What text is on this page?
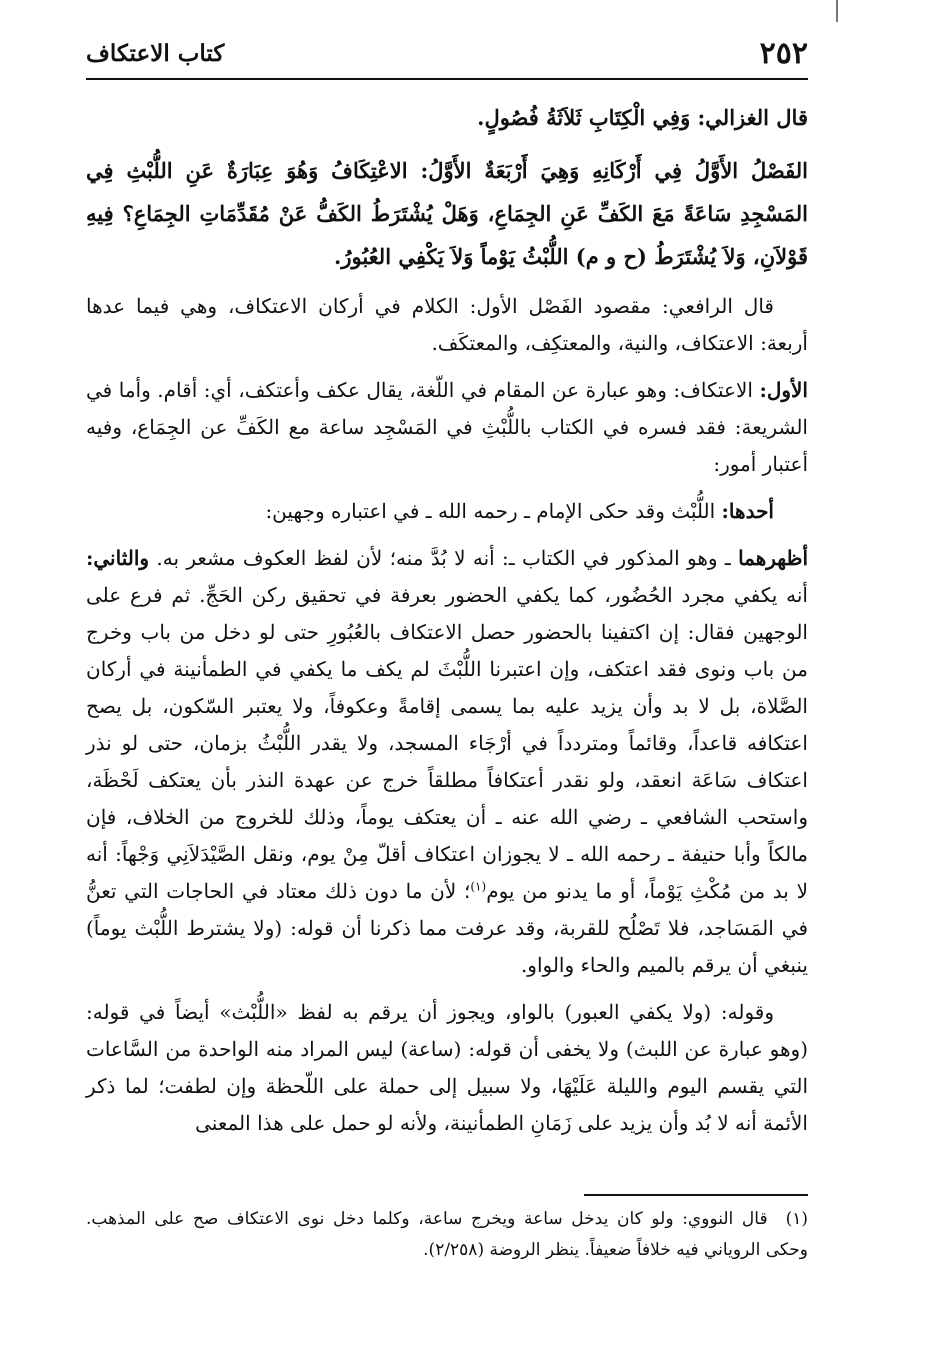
٢٥٢
كتاب الاعتكاف

قال الغزالي: وَفِي الْكِتَابِ ثَلاَثَةُ فُصُولٍ.

الفَصْلُ الأَوَّلُ فِي أَرْكَانِهِ وَهِيَ أَرْبَعَةٌ الأَوَّلُ: الاعْتِكَافُ وَهُوَ عِبَارَةٌ عَنِ اللُّبْثِ فِي المَسْجِدِ سَاعَةً مَعَ الكَفِّ عَنِ الجِمَاعِ، وَهَلْ يُشْتَرَطُ الكَفُّ عَنْ مُقَدِّمَاتِ الجِمَاعِ؟ فِيهِ قَوْلاَنِ، وَلاَ يُشْتَرَطُ (ح و م) اللُّبْثُ يَوْماً وَلاَ يَكْفِي العُبُورُ.

قال الرافعي: مقصود الفَصْل الأول: الكلام في أركان الاعتكاف، وهي فيما عدها أربعة: الاعتكاف، والنية، والمعتكِف، والمعتكَف.

الأول: الاعتكاف: وهو عبارة عن المقام في اللّغة، يقال عكف وأعتكف، أي: أقام. وأما في الشريعة: فقد فسره في الكتاب باللُّبْثِ في المَسْجِد ساعة مع الكَفِّ عن الجِمَاع، وفيه أعتبار أمور:

أحدها: اللُّبْث وقد حكى الإمام ـ رحمه الله ـ في اعتباره وجهين:

أظهرهما ـ وهو المذكور في الكتاب ـ: أنه لا بُدَّ منه؛ لأن لفظ العكوف مشعر به. والثاني: أنه يكفي مجرد الحُضُور، كما يكفي الحضور بعرفة في تحقيق ركن الحَجِّ. ثم فرع على الوجهين فقال: إن اكتفينا بالحضور حصل الاعتكاف بالعُبُورِ حتى لو دخل من باب وخرج من باب ونوى فقد اعتكف، وإن اعتبرنا اللُّبْثَ لم يكف ما يكفي في الطمأنينة في أركان الصَّلاة، بل لا بد وأن يزيد عليه بما يسمى إقامةً وعكوفاً، ولا يعتبر السّكون، بل يصح اعتكافه قاعداً، وقائماً ومتردداً في أرْجَاء المسجد، ولا يقدر اللُّبْثُ بزمان، حتى لو نذر اعتكاف سَاعَة انعقد، ولو نقدر أعتكافاً مطلقاً خرج عن عهدة النذر بأن يعتكف لَحْظَة، واستحب الشافعي ـ رضي الله عنه ـ أن يعتكف يوماً، وذلك للخروج من الخلاف، فإن مالكاً وأبا حنيفة ـ رحمه الله ـ لا يجوزان اعتكاف أقلّ مِنْ يوم، ونقل الصَّيْدَلاَنِي وَجْهاً: أنه لا بد من مُكْثِ يَوْماً، أو ما يدنو من يوم$^{(١)}$؛ لأن ما دون ذلك معتاد في الحاجات التي تعنُّ في المَسَاجد، فلا تَصْلُح للقربة، وقد عرفت مما ذكرنا أن قوله: (ولا يشترط اللُّبْث يوماً) ينبغي أن يرقم بالميم والحاء والواو.

وقوله: (ولا يكفي العبور) بالواو، ويجوز أن يرقم به لفظ «اللُّبْث» أيضاً في قوله: (وهو عبارة عن اللبث) ولا يخفى أن قوله: (ساعة) ليس المراد منه الواحدة من السَّاعات التي يقسم اليوم والليلة عَلَيْهَا، ولا سبيل إلى حملة على اللّحظة وإن لطفت؛ لما ذكر الأئمة أنه لا بُد وأن يزيد على زَمَانِ الطمأنينة، ولأنه لو حمل على هذا المعنى

(١)قال النووي: ولو كان يدخل ساعة ويخرج ساعة، وكلما دخل نوى الاعتكاف صح على المذهب. وحكى الروياني فيه خلافاً ضعيفاً. ينظر الروضة (٢/٢٥٨).
